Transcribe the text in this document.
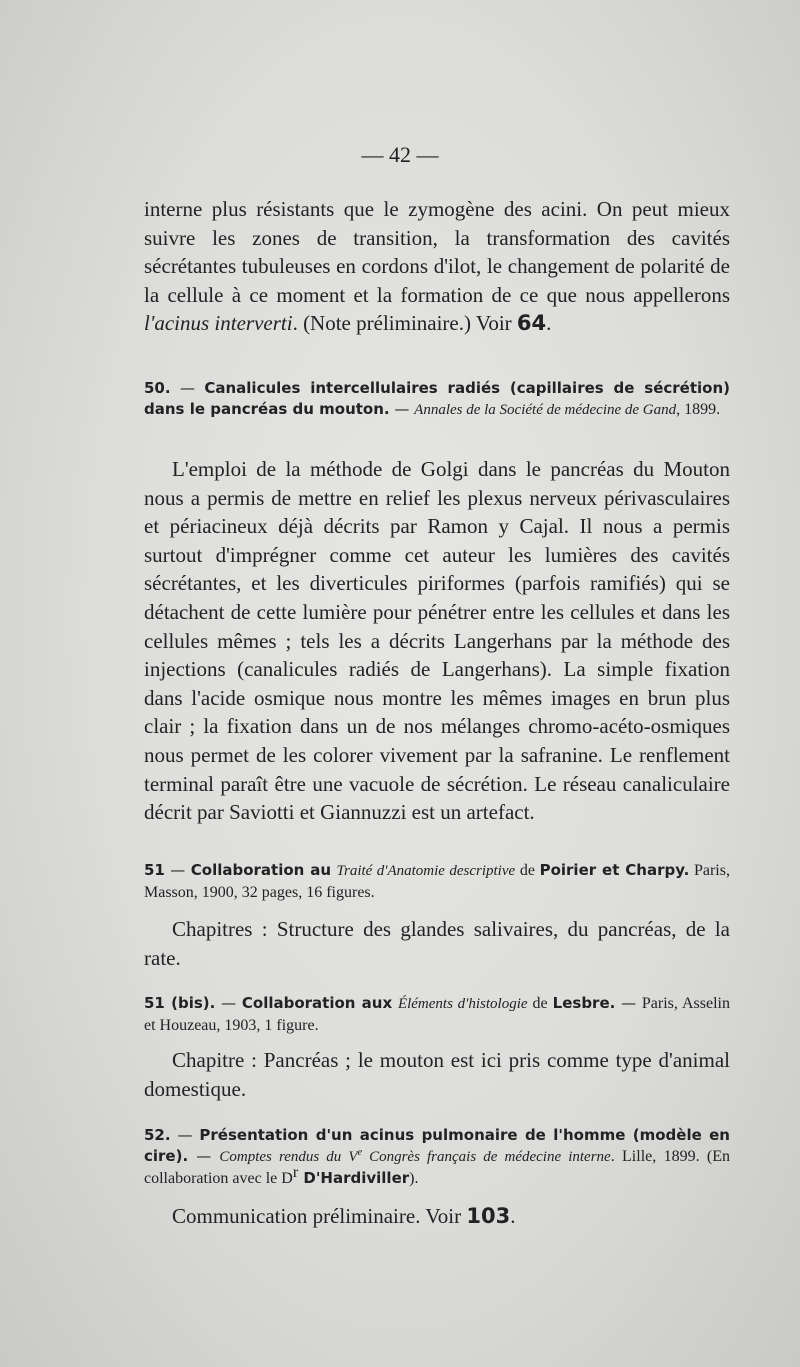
— 42 —

interne plus résistants que le zymogène des acini. On peut mieux suivre les zones de transition, la transformation des cavités sécrétantes tubuleuses en cordons d'ilot, le changement de polarité de la cellule à ce moment et la formation de ce que nous appellerons l'acinus interverti. (Note préliminaire.) Voir 64.

50. — Canalicules intercellulaires radiés (capillaires de sécrétion) dans le pancréas du mouton. — Annales de la Société de médecine de Gand, 1899.

L'emploi de la méthode de Golgi dans le pancréas du Mouton nous a permis de mettre en relief les plexus nerveux périvasculaires et périacineux déjà décrits par Ramon y Cajal. Il nous a permis surtout d'imprégner comme cet auteur les lumières des cavités sécrétantes, et les diverticules piriformes (parfois ramifiés) qui se détachent de cette lumière pour pénétrer entre les cellules et dans les cellules mêmes ; tels les a décrits Langerhans par la méthode des injections (canalicules radiés de Langerhans). La simple fixation dans l'acide osmique nous montre les mêmes images en brun plus clair ; la fixation dans un de nos mélanges chromo-acéto-osmiques nous permet de les colorer vivement par la safranine. Le renflement terminal paraît être une vacuole de sécrétion. Le réseau canaliculaire décrit par Saviotti et Giannuzzi est un artefact.

51 — Collaboration au Traité d'Anatomie descriptive de Poirier et Charpy. Paris, Masson, 1900, 32 pages, 16 figures.

Chapitres : Structure des glandes salivaires, du pancréas, de la rate.

51 (bis). — Collaboration aux Éléments d'histologie de Lesbre. — Paris, Asselin et Houzeau, 1903, 1 figure.

Chapitre : Pancréas ; le mouton est ici pris comme type d'animal domestique.

52. — Présentation d'un acinus pulmonaire de l'homme (modèle en cire). — Comptes rendus du Ve Congrès français de médecine interne. Lille, 1899. (En collaboration avec le $D^r$ D'Hardiviller).

Communication préliminaire. Voir 103.
